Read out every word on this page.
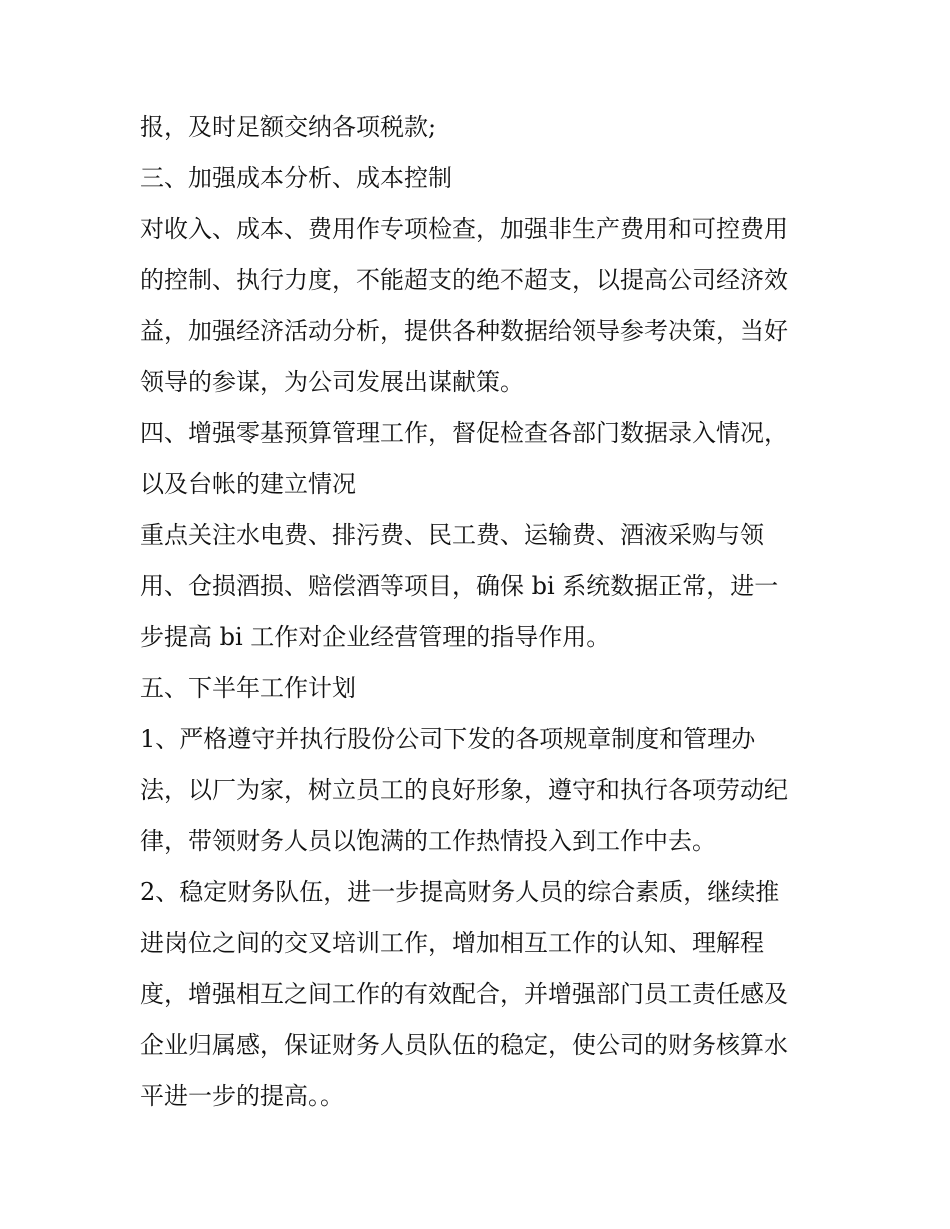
报，及时足额交纳各项税款;
三、加强成本分析、成本控制
对收入、成本、费用作专项检查，加强非生产费用和可控费用
的控制、执行力度，不能超支的绝不超支，以提高公司经济效
益，加强经济活动分析，提供各种数据给领导参考决策，当好
领导的参谋，为公司发展出谋献策。
四、增强零基预算管理工作，督促检查各部门数据录入情况，
以及台帐的建立情况
重点关注水电费、排污费、民工费、运输费、酒液采购与领
用、仓损酒损、赔偿酒等项目，确保 bi 系统数据正常，进一
步提高 bi 工作对企业经营管理的指导作用。
五、下半年工作计划
1、严格遵守并执行股份公司下发的各项规章制度和管理办
法，以厂为家，树立员工的良好形象，遵守和执行各项劳动纪
律，带领财务人员以饱满的工作热情投入到工作中去。
2、稳定财务队伍，进一步提高财务人员的综合素质，继续推
进岗位之间的交叉培训工作，增加相互工作的认知、理解程
度，增强相互之间工作的有效配合，并增强部门员工责任感及
企业归属感，保证财务人员队伍的稳定，使公司的财务核算水
平进一步的提高。。
